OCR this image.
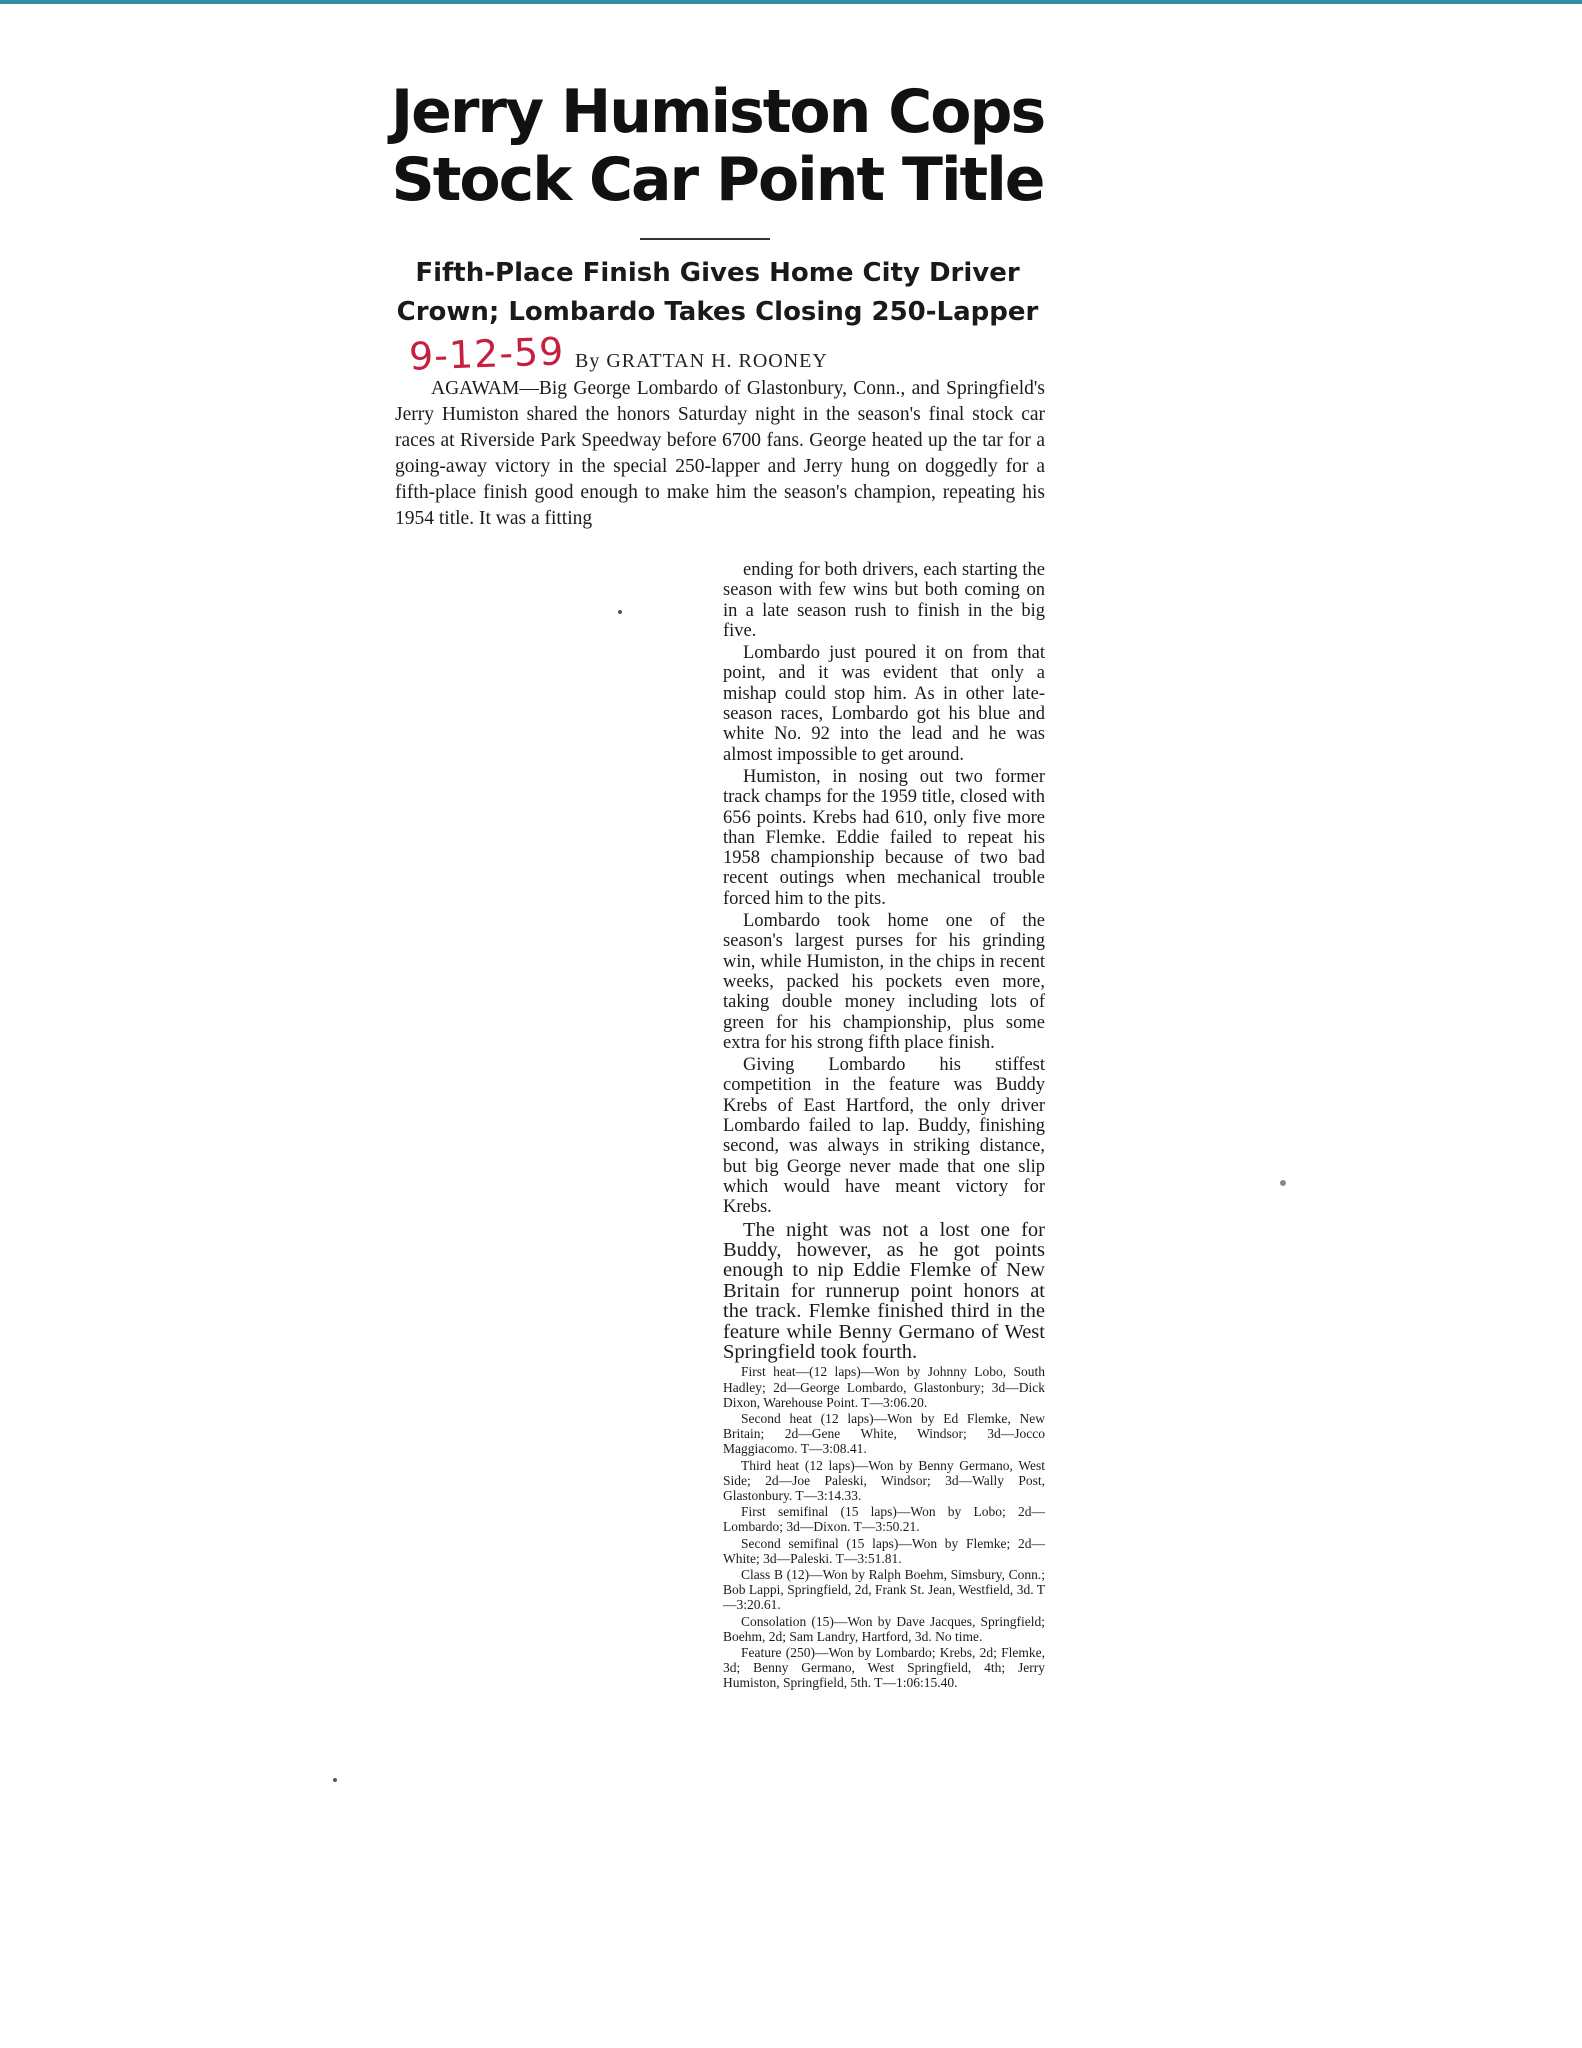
Jerry Humiston Cops Stock Car Point Title
Fifth-Place Finish Gives Home City Driver Crown; Lombardo Takes Closing 250-Lapper
9-12-59 By GRATTAN H. ROONEY

AGAWAM—Big George Lombardo of Glastonbury, Conn., and Springfield's Jerry Humiston shared the honors Saturday night in the season's final stock car races at Riverside Park Speedway before 6700 fans. George heated up the tar for a going-away victory in the special 250-lapper and Jerry hung on doggedly for a fifth-place finish good enough to make him the season's champion, repeating his 1954 title. It was a fitting

ending for both drivers, each starting the season with few wins but both coming on in a late season rush to finish in the big five.

Lombardo just poured it on from that point, and it was evident that only a mishap could stop him. As in other late-season races, Lombardo got his blue and white No. 92 into the lead and he was almost impossible to get around.

Humiston, in nosing out two former track champs for the 1959 title, closed with 656 points. Krebs had 610, only five more than Flemke. Eddie failed to repeat his 1958 championship because of two bad recent outings when mechanical trouble forced him to the pits.

Lombardo took home one of the season's largest purses for his grinding win, while Humiston, in the chips in recent weeks, packed his pockets even more, taking double money including lots of green for his championship, plus some extra for his strong fifth place finish.

Giving Lombardo his stiffest competition in the feature was Buddy Krebs of East Hartford, the only driver Lombardo failed to lap. Buddy, finishing second, was always in striking distance, but big George never made that one slip which would have meant victory for Krebs.

The night was not a lost one for Buddy, however, as he got points enough to nip Eddie Flemke of New Britain for runnerup point honors at the track. Flemke finished third in the feature while Benny Germano of West Springfield took fourth.

First heat—(12 laps)—Won by Johnny Lobo, South Hadley; 2d—George Lombardo, Glastonbury; 3d—Dick Dixon, Warehouse Point. T—3:06.20.

Second heat (12 laps)—Won by Ed Flemke, New Britain; 2d—Gene White, Windsor; 3d—Jocco Maggiacomo. T—3:08.41.

Third heat (12 laps)—Won by Benny Germano, West Side; 2d—Joe Paleski, Windsor; 3d—Wally Post, Glastonbury. T—3:14.33.

First semifinal (15 laps)—Won by Lobo; 2d—Lombardo; 3d—Dixon. T—3:50.21.

Second semifinal (15 laps)—Won by Flemke; 2d—White; 3d—Paleski. T—3:51.81.

Class B (12)—Won by Ralph Boehm, Simsbury, Conn.; Bob Lappi, Springfield, 2d, Frank St. Jean, Westfield, 3d. T—3:20.61.

Consolation (15)—Won by Dave Jacques, Springfield; Boehm, 2d; Sam Landry, Hartford, 3d. No time.

Feature (250)—Won by Lombardo; Krebs, 2d; Flemke, 3d; Benny Germano, West Springfield, 4th; Jerry Humiston, Springfield, 5th. T—1:06:15.40.
